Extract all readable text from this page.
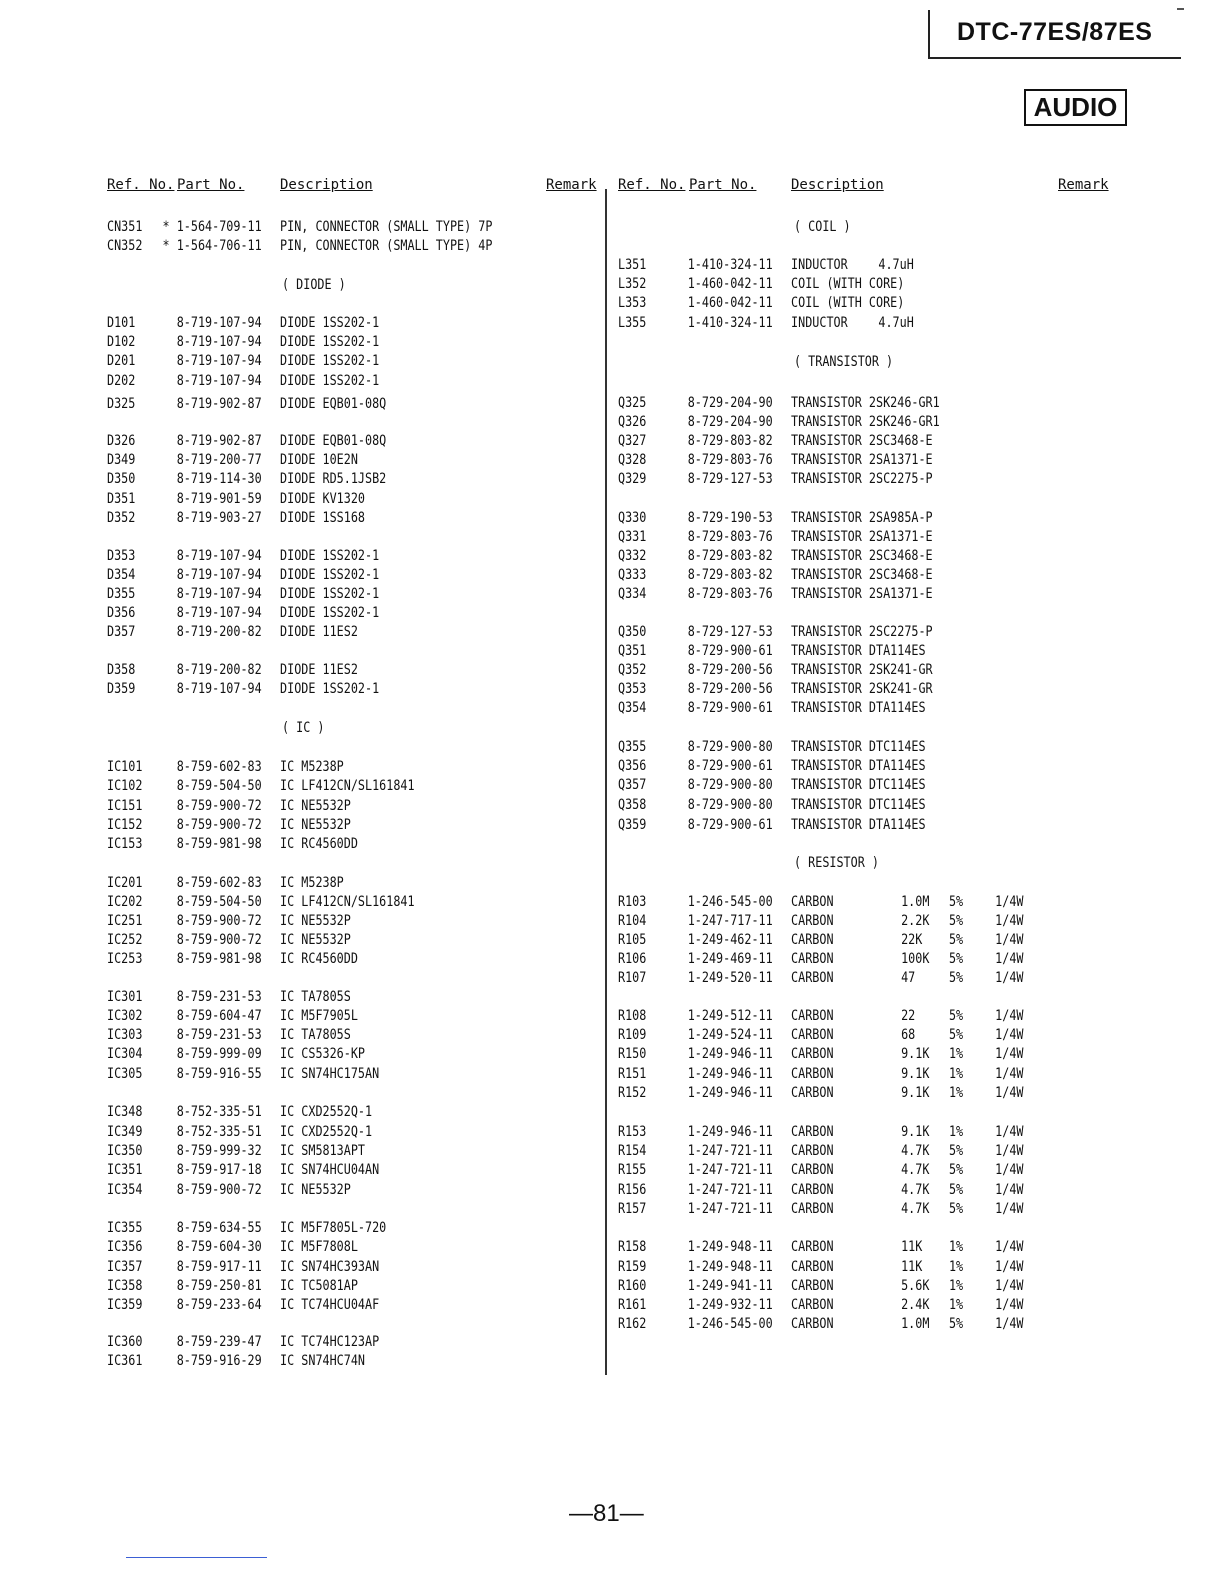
DTC-77ES/87ES
AUDIO
Ref. No. Part No.	Description	Remark Ref. No. Part No. Description	Remark
CN351 * 1-564-709-11 PIN, CONNECTOR (SMALL TYPE) 7P
CN352 * 1-564-706-11 PIN, CONNECTOR (SMALL TYPE) 4P
( DIODE )
D101	8-719-107-94 DIODE 1SS202-1
D102	8-719-107-94 DIODE 1SS202-1
D201	8-719-107-94 DIODE 1SS202-1
D202	8-719-107-94 DIODE 1SS202-1
D325	8-719-902-87 DIODE EQB01-08Q
D326	8-719-902-87 DIODE EQB01-08Q
D349	8-719-200-77 DIODE 10E2N
D350	8-719-114-30 DIODE RD5.1JSB2
D351	8-719-901-59 DIODE KV1320
D352	8-719-903-27 DIODE 1SS168
D353	8-719-107-94 DIODE 1SS202-1
D354	8-719-107-94 DIODE 1SS202-1
D355	8-719-107-94 DIODE 1SS202-1
D356	8-719-107-94 DIODE 1SS202-1
D357	8-719-200-82 DIODE 11ES2
D358	8-719-200-82 DIODE 11ES2
D359	8-719-107-94 DIODE 1SS202-1
( IC )
IC101 8-759-602-83 IC M5238P
IC102 8-759-504-50 IC LF412CN/SL161841
IC151 8-759-900-72 IC NE5532P
IC152 8-759-900-72 IC NE5532P
IC153 8-759-981-98 IC RC4560DD
IC201 8-759-602-83 IC M5238P
IC202 8-759-504-50 IC LF412CN/SL161841
IC251 8-759-900-72 IC NE5532P
IC252 8-759-900-72 IC NE5532P
IC253 8-759-981-98 IC RC4560DD
IC301 8-759-231-53 IC TA7805S
IC302 8-759-604-47 IC M5F7905L
IC303 8-759-231-53 IC TA7805S
IC304 8-759-999-09 IC CS5326-KP
IC305 8-759-916-55 IC SN74HC175AN
IC348 8-752-335-51 IC CXD2552Q-1
IC349 8-752-335-51 IC CXD2552Q-1
IC350 8-759-999-32 IC SM5813APT
IC351 8-759-917-18 IC SN74HCU04AN
IC354 8-759-900-72 IC NE5532P
IC355 8-759-634-55 IC M5F7805L-720
IC356 8-759-604-30 IC M5F7808L
IC357 8-759-917-11 IC SN74HC393AN
IC358 8-759-250-81 IC TC5081AP
IC359 8-759-233-64 IC TC74HCU04AF
IC360 8-759-239-47 IC TC74HC123AP
IC361 8-759-916-29 IC SN74HC74N
( COIL )
L351	1-410-324-11 INDUCTOR 4.7uH
L352	1-460-042-11 COIL (WITH CORE)
L353	1-460-042-11 COIL (WITH CORE)
L355	1-410-324-11 INDUCTOR 4.7uH
( TRANSISTOR )
Q325	8-729-204-90 TRANSISTOR 2SK246-GR1
Q326	8-729-204-90 TRANSISTOR 2SK246-GR1
Q327	8-729-803-82 TRANSISTOR 2SC3468-E
Q328	8-729-803-76 TRANSISTOR 2SA1371-E
Q329	8-729-127-53 TRANSISTOR 2SC2275-P
Q330	8-729-190-53 TRANSISTOR 2SA985A-P
Q331	8-729-803-76 TRANSISTOR 2SA1371-E
Q332	8-729-803-82 TRANSISTOR 2SC3468-E
Q333	8-729-803-82 TRANSISTOR 2SC3468-E
Q334	8-729-803-76 TRANSISTOR 2SA1371-E
Q350	8-729-127-53 TRANSISTOR 2SC2275-P
Q351	8-729-900-61 TRANSISTOR DTA114ES
Q352	8-729-200-56 TRANSISTOR 2SK241-GR
Q353	8-729-200-56 TRANSISTOR 2SK241-GR
Q354	8-729-900-61 TRANSISTOR DTA114ES
Q355	8-729-900-80 TRANSISTOR DTC114ES
Q356	8-729-900-61 TRANSISTOR DTA114ES
Q357	8-729-900-80 TRANSISTOR DTC114ES
Q358	8-729-900-80 TRANSISTOR DTC114ES
Q359	8-729-900-61 TRANSISTOR DTA114ES
( RESISTOR )
R103	1-246-545-00 CARBON	1.0M 5% 1/4W
R104	1-247-717-11 CARBON	2.2K 5% 1/4W
R105	1-249-462-11 CARBON	22K 5% 1/4W
R106	1-249-469-11 CARBON	100K 5% 1/4W
R107	1-249-520-11 CARBON	47 5% 1/4W
R108	1-249-512-11 CARBON	22 5% 1/4W
R109	1-249-524-11 CARBON	68 5% 1/4W
R150	1-249-946-11 CARBON	9.1K 1% 1/4W
R151	1-249-946-11 CARBON	9.1K 1% 1/4W
R152	1-249-946-11 CARBON	9.1K 1% 1/4W
R153	1-249-946-11 CARBON	9.1K 1% 1/4W
R154	1-247-721-11 CARBON	4.7K 5% 1/4W
R155	1-247-721-11 CARBON	4.7K 5% 1/4W
R156	1-247-721-11 CARBON	4.7K 5% 1/4W
R157	1-247-721-11 CARBON	4.7K 5% 1/4W
R158	1-249-948-11 CARBON	11K 1% 1/4W
R159	1-249-948-11 CARBON	11K 1% 1/4W
R160	1-249-941-11 CARBON	5.6K 1% 1/4W
R161	1-249-932-11 CARBON	2.4K 1% 1/4W
R162	1-246-545-00 CARBON	1.0M 5% 1/4W
—81—
